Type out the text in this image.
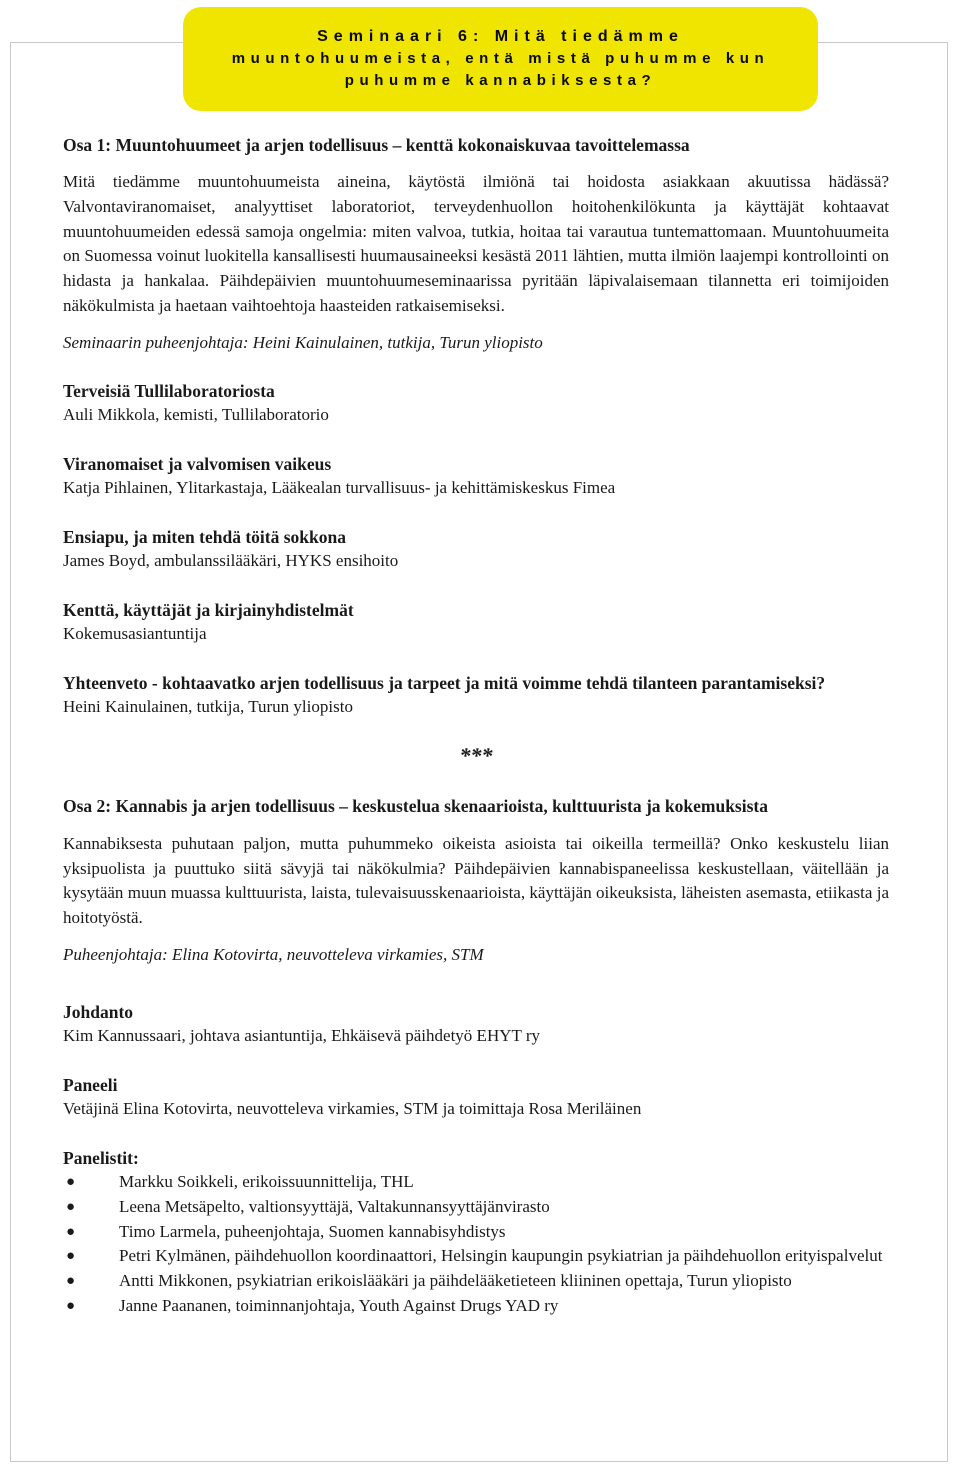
Seminaari 6: Mitä tiedämme
muuntohuumeista, entä mistä puhumme kun
puhumme kannabiksesta?
Osa 1: Muuntohuumeet ja arjen todellisuus – kenttä kokonaiskuvaa tavoittelemassa

Mitä tiedämme muuntohuumeista aineina, käytöstä ilmiönä tai hoidosta asiakkaan akuutissa hädässä? Valvontaviranomaiset, analyyttiset laboratoriot, terveydenhuollon hoitohenkilökunta ja käyttäjät kohtaavat muuntohuumeiden edessä samoja ongelmia: miten valvoa, tutkia, hoitaa tai varautua tuntemattomaan. Muuntohuumeita on Suomessa voinut luokitella kansallisesti huumausaineeksi kesästä 2011 lähtien, mutta ilmiön laajempi kontrollointi on hidasta ja hankalaa. Päihdepäivien muuntohuumeseminaarissa pyritään läpivalaisemaan tilannetta eri toimijoiden näkökulmista ja haetaan vaihtoehtoja haasteiden ratkaisemiseksi.

Seminaarin puheenjohtaja: Heini Kainulainen, tutkija, Turun yliopisto

Terveisiä Tullilaboratoriosta
Auli Mikkola, kemisti, Tullilaboratorio
Viranomaiset ja valvomisen vaikeus
Katja Pihlainen, Ylitarkastaja, Lääkealan turvallisuus- ja kehittämiskeskus Fimea
Ensiapu, ja miten tehdä töitä sokkona
James Boyd, ambulanssilääkäri, HYKS ensihoito
Kenttä, käyttäjät ja kirjainyhdistelmät
Kokemusasiantuntija
Yhteenveto - kohtaavatko arjen todellisuus ja tarpeet ja mitä voimme tehdä tilanteen parantamiseksi?
Heini Kainulainen, tutkija, Turun yliopisto
***
Osa 2: Kannabis ja arjen todellisuus – keskustelua skenaarioista, kulttuurista ja kokemuksista

Kannabiksesta puhutaan paljon, mutta puhummeko oikeista asioista tai oikeilla termeillä? Onko keskustelu liian yksipuolista ja puuttuko siitä sävyjä tai näkökulmia? Päihdepäivien kannabispaneelissa keskustellaan, väitellään ja kysytään muun muassa kulttuurista, laista, tulevaisuusskenaarioista, käyttäjän oikeuksista, läheisten asemasta, etiikasta ja hoitotyöstä.

Puheenjohtaja: Elina Kotovirta, neuvotteleva virkamies, STM

Johdanto
Kim Kannussaari, johtava asiantuntija, Ehkäisevä päihdetyö EHYT ry
Paneeli
Vetäjinä Elina Kotovirta, neuvotteleva virkamies, STM ja toimittaja Rosa Meriläinen
Panelistit:
●	Markku Soikkeli, erikoissuunnittelija, THL
●	Leena Metsäpelto, valtionsyyttäjä, Valtakunnansyyttäjänvirasto
●	Timo Larmela, puheenjohtaja, Suomen kannabisyhdistys
●	Petri Kylmänen, päihdehuollon koordinaattori, Helsingin kaupungin psykiatrian ja päihdehuollon erityispalvelut
●	Antti Mikkonen, psykiatrian erikoislääkäri ja päihdelääketieteen kliininen opettaja, Turun yliopisto
●	Janne Paananen, toiminnanjohtaja, Youth Against Drugs YAD ry
